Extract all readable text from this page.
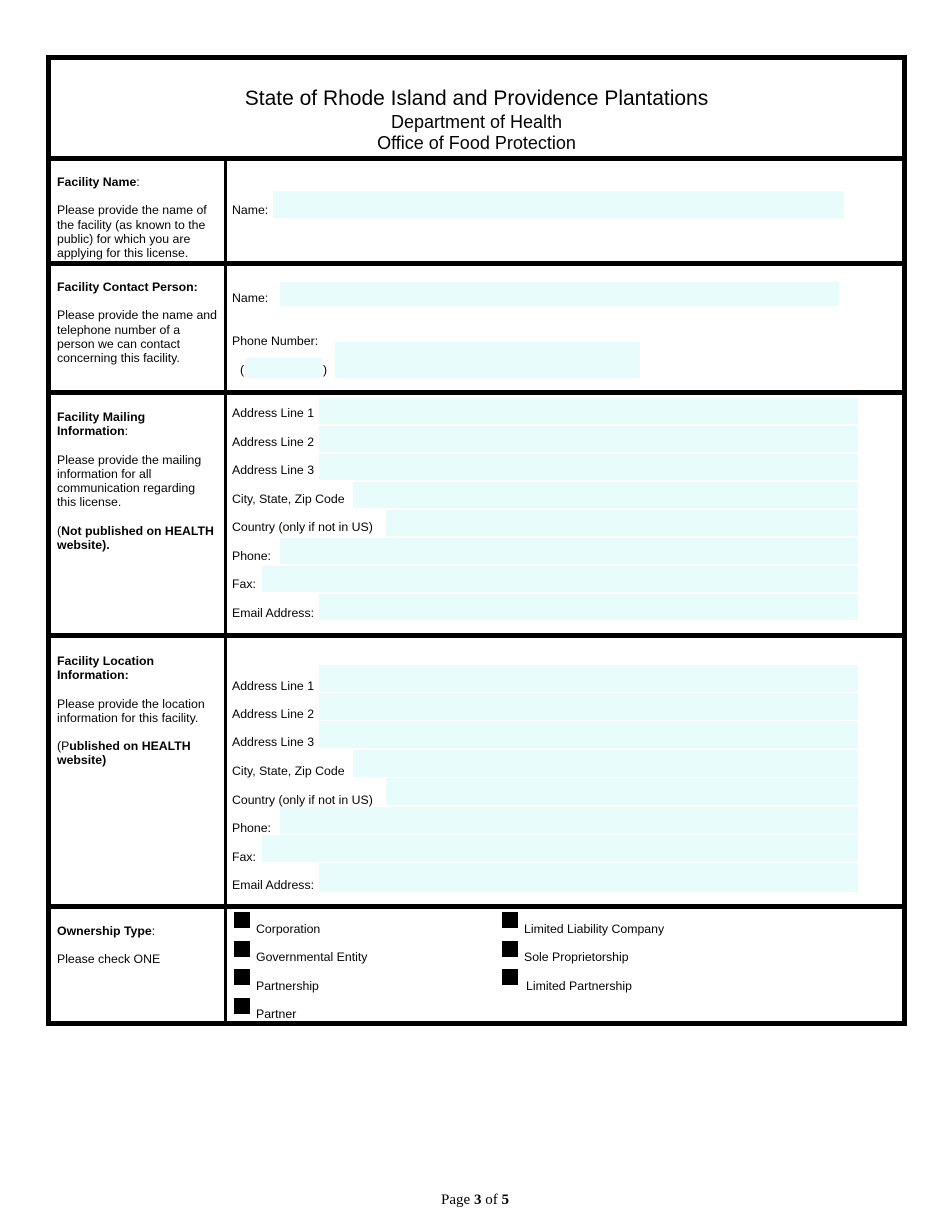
State of Rhode Island and Providence Plantations
Department of Health
Office of Food Protection

Facility Name:

Please provide the name of the facility (as known to the public) for which you are applying for this license.

Name:

Facility Contact Person:

Please provide the name and telephone number of a person we can contact concerning this facility.

Name:
Phone Number:
(	)

Facility Mailing Information:

Please provide the mailing information for all communication regarding this license.

(Not published on HEALTH website).

Address Line 1
Address Line 2
Address Line 3
City, State, Zip Code
Country (only if not in US)
Phone:
Fax:
Email Address:

Facility Location Information:

Please provide the location information for this facility.

(Published on HEALTH website)

Address Line 1
Address Line 2
Address Line 3
City, State, Zip Code
Country (only if not in US)
Phone:
Fax:
Email Address:

Ownership Type:

Please check ONE

Corporation
Governmental Entity
Partnership
Partner
Limited Liability Company
Sole Proprietorship
Limited Partnership
Page 3 of 5
